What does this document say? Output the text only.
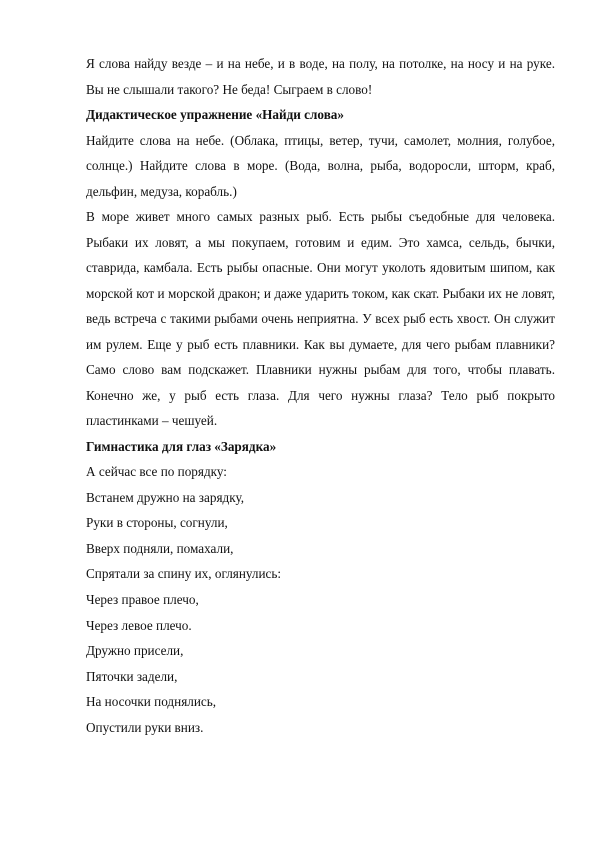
Я слова найду везде – и на небе, и в воде, на полу, на потолке, на носу и на руке. Вы не слышали такого? Не беда! Сыграем в слово!

Дидактическое упражнение «Найди слова»

Найдите слова на небе. (Облака, птицы, ветер, тучи, самолет, молния, голубое, солнце.) Найдите слова в море. (Вода, волна, рыба, водоросли, шторм, краб, дельфин, медуза, корабль.)

В море живет много самых разных рыб. Есть рыбы съедобные для человека. Рыбаки их ловят, а мы покупаем, готовим и едим. Это хамса, сельдь, бычки, ставрида, камбала. Есть рыбы опасные. Они могут уколоть ядовитым шипом, как морской кот и морской дракон; и даже ударить током, как скат. Рыбаки их не ловят, ведь встреча с такими рыбами очень неприятна. У всех рыб есть хвост. Он служит им рулем. Еще у рыб есть плавники. Как вы думаете, для чего рыбам плавники? Само слово вам подскажет. Плавники нужны рыбам для того, чтобы плавать. Конечно же, у рыб есть глаза. Для чего нужны глаза? Тело рыб покрыто пластинками – чешуей.

Гимнастика для глаз «Зарядка»

А сейчас все по порядку:

Встанем дружно на зарядку,

Руки в стороны, согнули,

Вверх подняли, помахали,

Спрятали за спину их, оглянулись:

Через правое плечо,

Через левое плечо.

Дружно присели,

Пяточки задели,

На носочки поднялись,

Опустили руки вниз.
